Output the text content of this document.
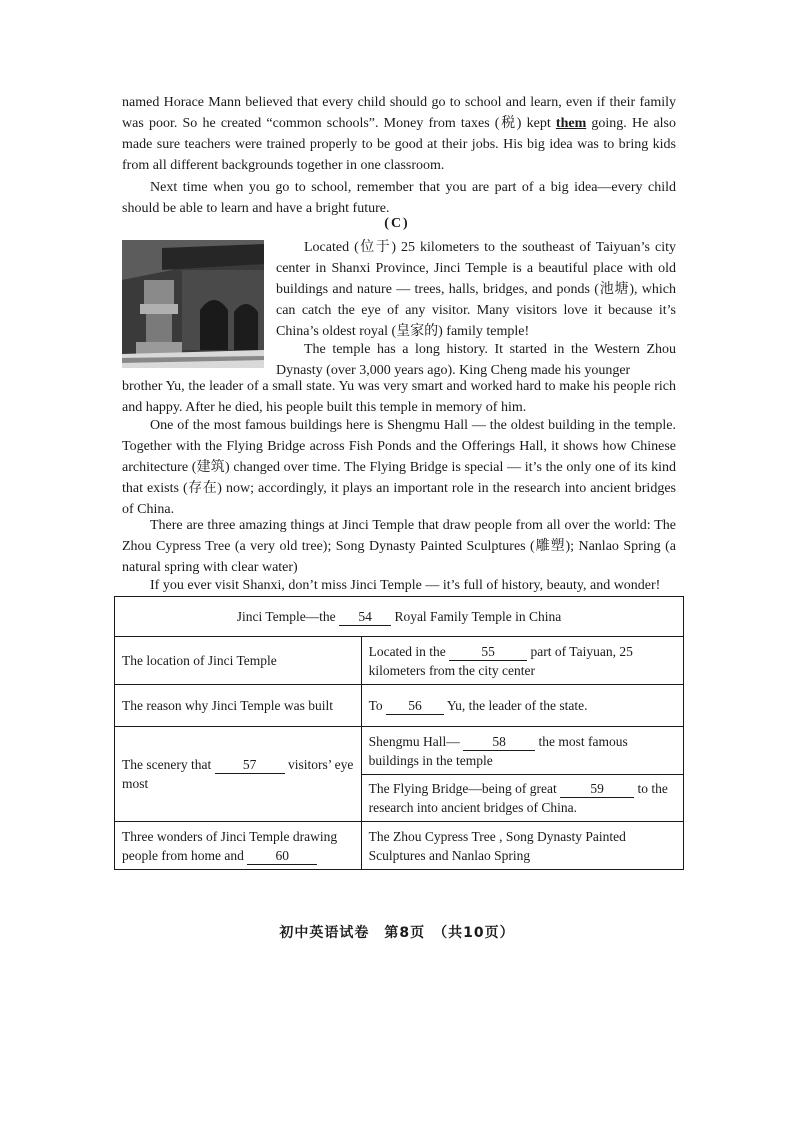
named Horace Mann believed that every child should go to school and learn, even if their family was poor. So he created “common schools”. Money from taxes (税) kept them going. He also made sure teachers were trained properly to be good at their jobs. His big idea was to bring kids from all different backgrounds together in one classroom.

Next time when you go to school, remember that you are part of a big idea—every child should be able to learn and have a bright future.

(C)

Located (位于) 25 kilometers to the southeast of Taiyuan’s city center in Shanxi Province, Jinci Temple is a beautiful place with old buildings and nature — trees, halls, bridges, and ponds (池塘), which can catch the eye of any visitor. Many visitors love it because it’s China’s oldest royal (皇家的) family temple!

The temple has a long history. It started in the Western Zhou Dynasty (over 3,000 years ago). King Cheng made his younger

brother Yu, the leader of a small state. Yu was very smart and worked hard to make his people rich and happy. After he died, his people built this temple in memory of him.

One of the most famous buildings here is Shengmu Hall — the oldest building in the temple. Together with the Flying Bridge across Fish Ponds and the Offerings Hall, it shows how Chinese architecture (建筑) changed over time. The Flying Bridge is special — it’s the only one of its kind that exists (存在) now; accordingly, it plays an important role in the research into ancient bridges of China.

There are three amazing things at Jinci Temple that draw people from all over the world: The Zhou Cypress Tree (a very old tree); Song Dynasty Painted Sculptures (雕塑); Nanlao Spring (a natural spring with clear water)

If you ever visit Shanxi, don’t miss Jinci Temple — it’s full of history, beauty, and wonder!

Jinci Temple—the 54 Royal Family Temple in China	
The location of Jinci Temple	Located in the 55 part of Taiyuan, 25 kilometers from the city center
The reason why Jinci Temple was built	To 56 Yu, the leader of the state.
The scenery that 57 visitors’ eye most	Shengmu Hall— 58 the most famous buildings in the temple
	The Flying Bridge—being of great 59 to the research into ancient bridges of China.
Three wonders of Jinci Temple drawing people from home and 60	The Zhou Cypress Tree , Song Dynasty Painted Sculptures and Nanlao Spring
初中英语试卷　第8页　（共10页）
